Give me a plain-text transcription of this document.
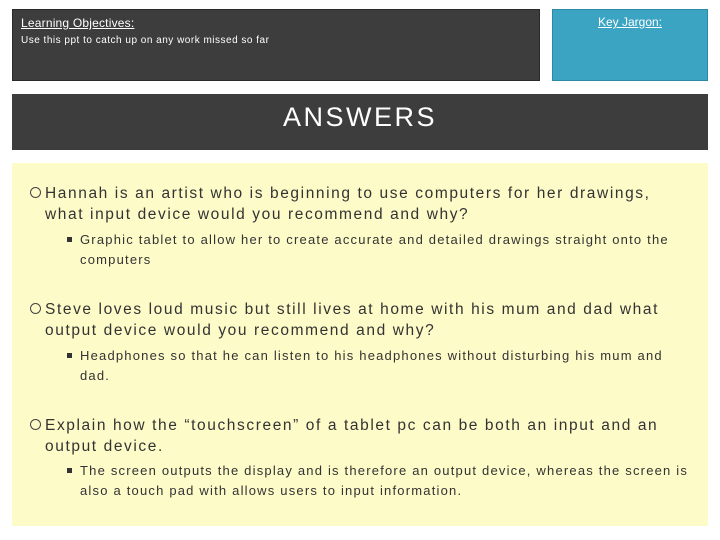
Learning Objectives:
Use this ppt to catch up on any work missed so far
Key Jargon:
ANSWERS
Hannah is an artist who is beginning to use computers for her drawings, what input device would you recommend and why?
Graphic tablet to allow her to create accurate and detailed drawings straight onto the computers
Steve loves loud music but still lives at home with his mum and dad what output device would you recommend and why?
Headphones so that he can listen to his headphones without disturbing his mum and dad.
Explain how the “touchscreen” of a tablet pc can be both an input and an output device.
The screen outputs the display and is therefore an output device, whereas the screen is also a touch pad with allows users to input information.
